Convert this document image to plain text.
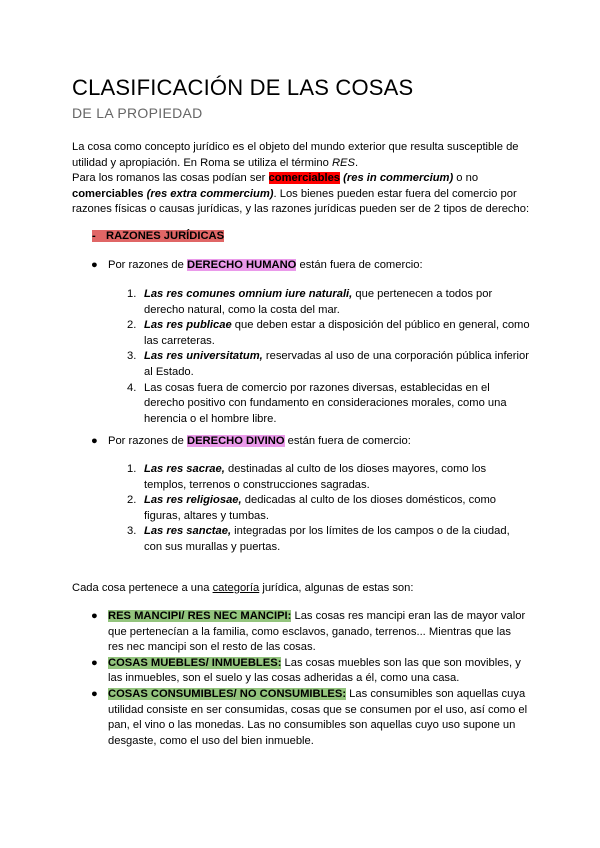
CLASIFICACIÓN DE LAS COSAS
DE LA PROPIEDAD
La cosa como concepto jurídico es el objeto del mundo exterior que resulta susceptible de
utilidad y apropiación. En Roma se utiliza el término RES.
Para los romanos las cosas podían ser comerciables (res in commercium) o no
comerciables (res extra commercium). Los bienes pueden estar fuera del comercio por
razones físicas o causas jurídicas, y las razones jurídicas pueden ser de 2 tipos de derecho:
- RAZONES JURÍDICAS
● Por razones de DERECHO HUMANO están fuera de comercio:
1. Las res comunes omnium iure naturali, que pertenecen a todos por
derecho natural, como la costa del mar.
2. Las res publicae que deben estar a disposición del público en general, como
las carreteras.
3. Las res universitatum, reservadas al uso de una corporación pública inferior
al Estado.
4. Las cosas fuera de comercio por razones diversas, establecidas en el
derecho positivo con fundamento en consideraciones morales, como una
herencia o el hombre libre.
● Por razones de DERECHO DIVINO están fuera de comercio:
1. Las res sacrae, destinadas al culto de los dioses mayores, como los
templos, terrenos o construcciones sagradas.
2. Las res religiosae, dedicadas al culto de los dioses domésticos, como
figuras, altares y tumbas.
3. Las res sanctae, integradas por los límites de los campos o de la ciudad,
con sus murallas y puertas.
Cada cosa pertenece a una categoría jurídica, algunas de estas son:
● RES MANCIPI/ RES NEC MANCIPI: Las cosas res mancipi eran las de mayor valor
que pertenecían a la familia, como esclavos, ganado, terrenos... Mientras que las
res nec mancipi son el resto de las cosas.
● COSAS MUEBLES/ INMUEBLES: Las cosas muebles son las que son movibles, y
las inmuebles, son el suelo y las cosas adheridas a él, como una casa.
● COSAS CONSUMIBLES/ NO CONSUMIBLES: Las consumibles son aquellas cuya
utilidad consiste en ser consumidas, cosas que se consumen por el uso, así como el
pan, el vino o las monedas. Las no consumibles son aquellas cuyo uso supone un
desgaste, como el uso del bien inmueble.
